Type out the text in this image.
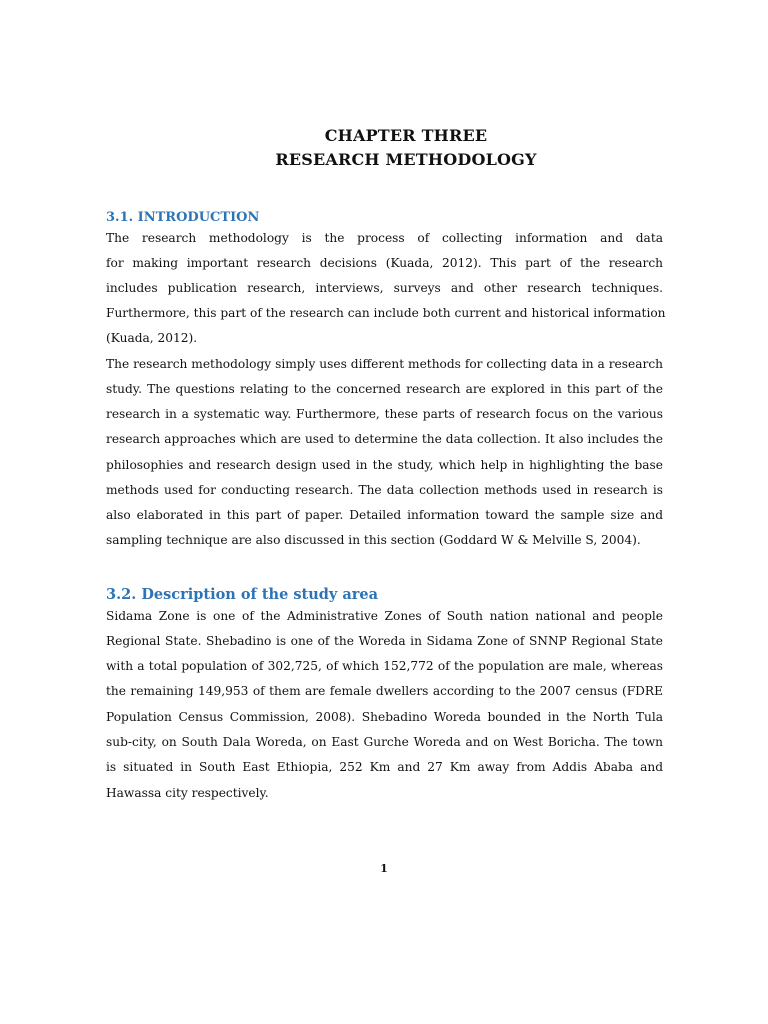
CHAPTER THREE
RESEARCH METHODOLOGY
3.1. INTRODUCTION
The research methodology is the process of collecting information and data
for making important research decisions (Kuada, 2012). This part of the research
includes publication research, interviews, surveys and other research techniques.
Furthermore, this part of the research can include both current and historical information
(Kuada, 2012).
The research methodology simply uses different methods for collecting data in a research
study. The questions relating to the concerned research are explored in this part of the
research in a systematic way. Furthermore, these parts of research focus on the various
research approaches which are used to determine the data collection. It also includes the
philosophies and research design used in the study, which help in highlighting the base
methods used for conducting research. The data collection methods used in research is
also elaborated in this part of paper. Detailed information toward the sample size and
sampling technique are also discussed in this section (Goddard W & Melville S, 2004).
3.2. Description of the study area
Sidama Zone is one of the Administrative Zones of South nation national and people
Regional State. Shebadino is one of the Woreda in Sidama Zone of SNNP Regional State
with a total population of 302,725, of which 152,772 of the population are male, whereas
the remaining 149,953 of them are female dwellers according to the 2007 census (FDRE
Population Census Commission, 2008). Shebadino Woreda bounded in the North Tula
sub-city, on South Dala Woreda, on East Gurche Woreda and on West Boricha. The town
is situated in South East Ethiopia, 252 Km and 27 Km away from Addis Ababa and
Hawassa city respectively.
1
